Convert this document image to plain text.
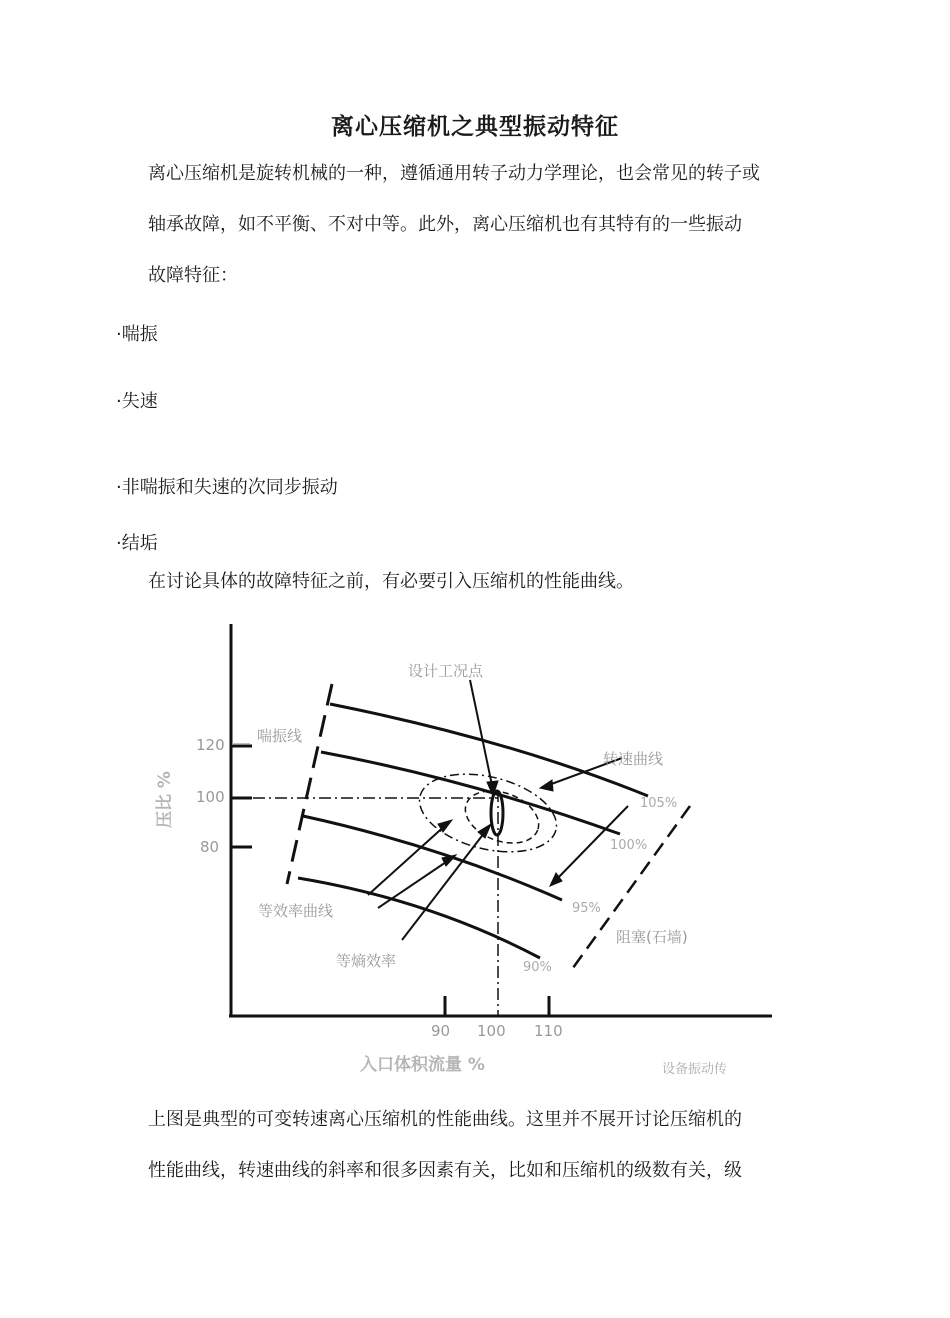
离心压缩机之典型振动特征
离心压缩机是旋转机械的一种，遵循通用转子动力学理论，也会常见的转子或
轴承故障，如不平衡、不对中等。此外，离心压缩机也有其特有的一些振动
故障特征：
·喘振
·失速
·非喘振和失速的次同步振动
·结垢
在讨论具体的故障特征之前，有必要引入压缩机的性能曲线。
压比 %
120
100
80
喘振线
设计工况点
转速曲线
105%
100%
95%
90%
等效率曲线
等熵效率
阻塞(石墙)
90 100 110
入口体积流量 %	设备振动传
上图是典型的可变转速离心压缩机的性能曲线。这里并不展开讨论压缩机的
性能曲线，转速曲线的斜率和很多因素有关，比如和压缩机的级数有关，级
